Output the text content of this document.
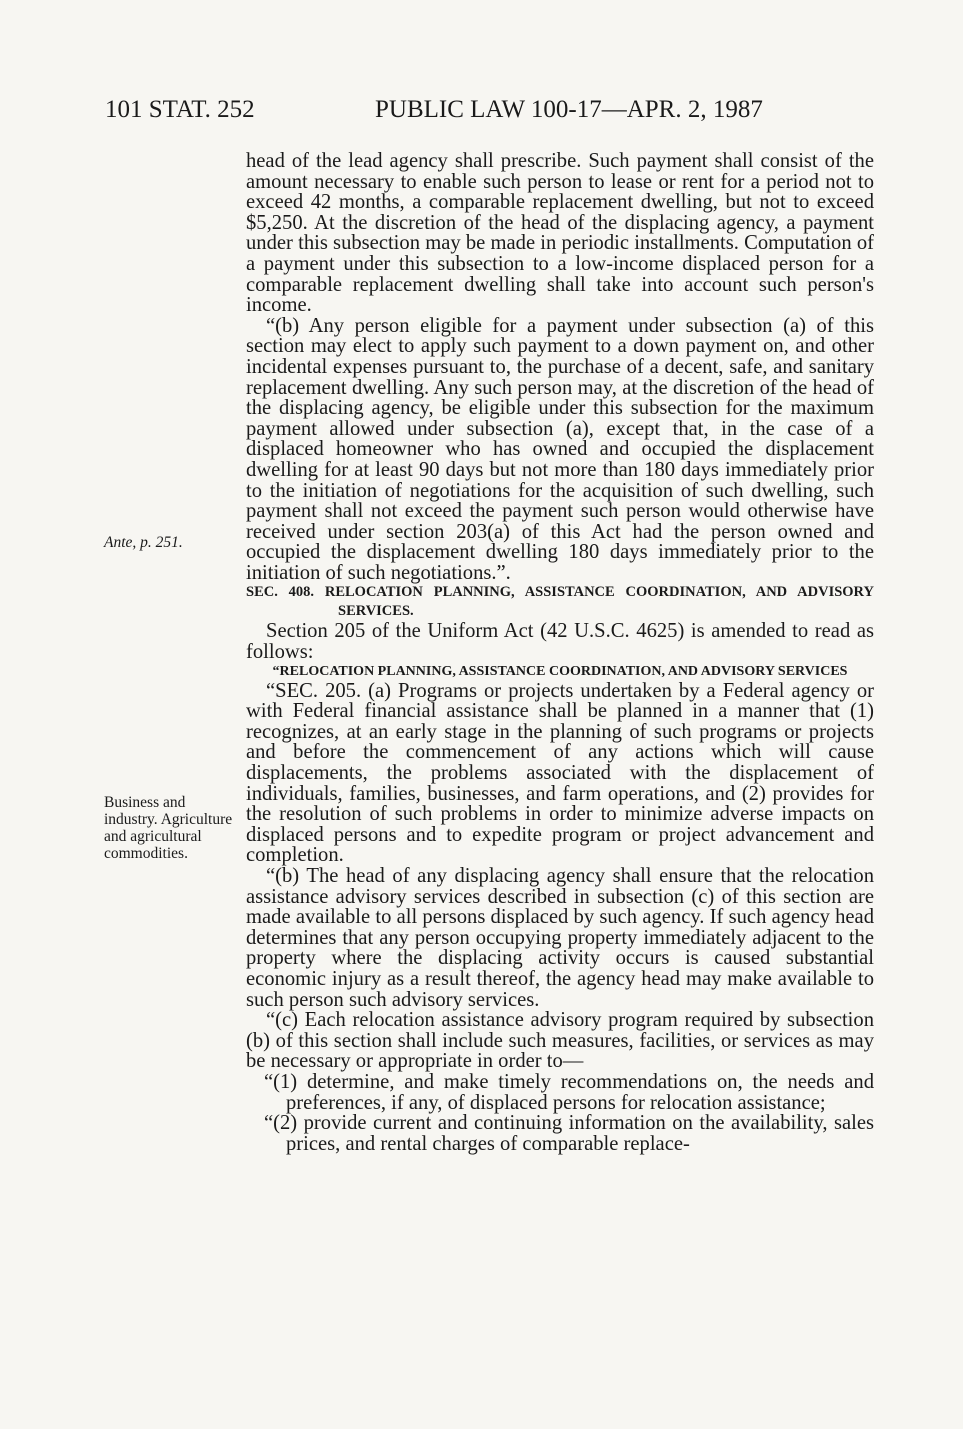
101 STAT. 252	PUBLIC LAW 100-17—APR. 2, 1987
Ante, p. 251.
Business and industry. Agriculture and agricultural commodities.

head of the lead agency shall prescribe. Such payment shall consist of the amount necessary to enable such person to lease or rent for a period not to exceed 42 months, a comparable replacement dwelling, but not to exceed $5,250. At the discretion of the head of the displacing agency, a payment under this subsection may be made in periodic installments. Computation of a payment under this subsection to a low-income displaced person for a comparable replacement dwelling shall take into account such person's income.

“(b) Any person eligible for a payment under subsection (a) of this section may elect to apply such payment to a down payment on, and other incidental expenses pursuant to, the purchase of a decent, safe, and sanitary replacement dwelling. Any such person may, at the discretion of the head of the displacing agency, be eligible under this subsection for the maximum payment allowed under subsection (a), except that, in the case of a displaced homeowner who has owned and occupied the displacement dwelling for at least 90 days but not more than 180 days immediately prior to the initiation of negotiations for the acquisition of such dwelling, such payment shall not exceed the payment such person would otherwise have received under section 203(a) of this Act had the person owned and occupied the displacement dwelling 180 days immediately prior to the initiation of such negotiations.”.

SEC. 408. RELOCATION PLANNING, ASSISTANCE COORDINATION, AND ADVISORY SERVICES.

Section 205 of the Uniform Act (42 U.S.C. 4625) is amended to read as follows:

“RELOCATION PLANNING, ASSISTANCE COORDINATION, AND ADVISORY SERVICES

“SEC. 205. (a) Programs or projects undertaken by a Federal agency or with Federal financial assistance shall be planned in a manner that (1) recognizes, at an early stage in the planning of such programs or projects and before the commencement of any actions which will cause displacements, the problems associated with the displacement of individuals, families, businesses, and farm operations, and (2) provides for the resolution of such problems in order to minimize adverse impacts on displaced persons and to expedite program or project advancement and completion.

“(b) The head of any displacing agency shall ensure that the relocation assistance advisory services described in subsection (c) of this section are made available to all persons displaced by such agency. If such agency head determines that any person occupying property immediately adjacent to the property where the displacing activity occurs is caused substantial economic injury as a result thereof, the agency head may make available to such person such advisory services.

“(c) Each relocation assistance advisory program required by subsection (b) of this section shall include such measures, facilities, or services as may be necessary or appropriate in order to—

“(1) determine, and make timely recommendations on, the needs and preferences, if any, of displaced persons for relocation assistance;

“(2) provide current and continuing information on the availability, sales prices, and rental charges of comparable replace-
